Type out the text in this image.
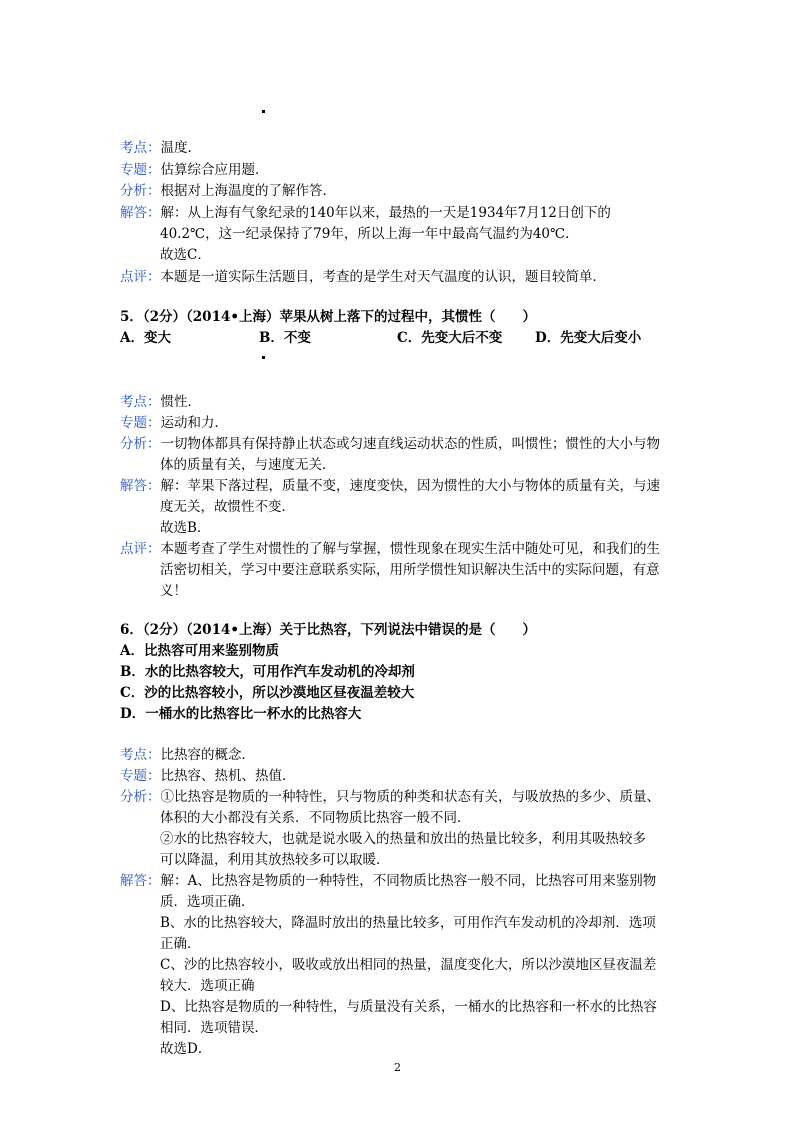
考点：温度．
专题：估算综合应用题．
分析：根据对上海温度的了解作答．
解答：解：从上海有气象纪录的140年以来，最热的一天是1934年7月12日创下的
40.2℃，这一纪录保持了79年，所以上海一年中最高气温约为40℃．
故选C．
点评：本题是一道实际生活题目，考查的是学生对天气温度的认识，题目较简单．
5．（2分）（2014•上海）苹果从树上落下的过程中，其惯性（　　）
A．变大	B．不变	C．先变大后不变 D．先变大后变小
考点：惯性．
专题：运动和力．
分析：一切物体都具有保持静止状态或匀速直线运动状态的性质，叫惯性；惯性的大小与物
体的质量有关，与速度无关．
解答：解：苹果下落过程，质量不变，速度变快，因为惯性的大小与物体的质量有关，与速
度无关，故惯性不变．
故选B．
点评：本题考查了学生对惯性的了解与掌握，惯性现象在现实生活中随处可见，和我们的生
活密切相关，学习中要注意联系实际，用所学惯性知识解决生活中的实际问题，有意
义！
6．（2分）（2014•上海）关于比热容，下列说法中错误的是（　　）
A．比热容可用来鉴别物质
B．水的比热容较大，可用作汽车发动机的冷却剂
C．沙的比热容较小，所以沙漠地区昼夜温差较大
D．一桶水的比热容比一杯水的比热容大
考点：比热容的概念．
专题：比热容、热机、热值．
分析：①比热容是物质的一种特性，只与物质的种类和状态有关，与吸放热的多少、质量、
体积的大小都没有关系．不同物质比热容一般不同．
②水的比热容较大，也就是说水吸入的热量和放出的热量比较多，利用其吸热较多
可以降温，利用其放热较多可以取暖．
解答：解：A、比热容是物质的一种特性，不同物质比热容一般不同，比热容可用来鉴别物
质．选项正确．
B、水的比热容较大，降温时放出的热量比较多，可用作汽车发动机的冷却剂．选项
正确．
C、沙的比热容较小，吸收或放出相同的热量，温度变化大，所以沙漠地区昼夜温差
较大．选项正确
D、比热容是物质的一种特性，与质量没有关系，一桶水的比热容和一杯水的比热容
相同．选项错误．
故选D．
2
